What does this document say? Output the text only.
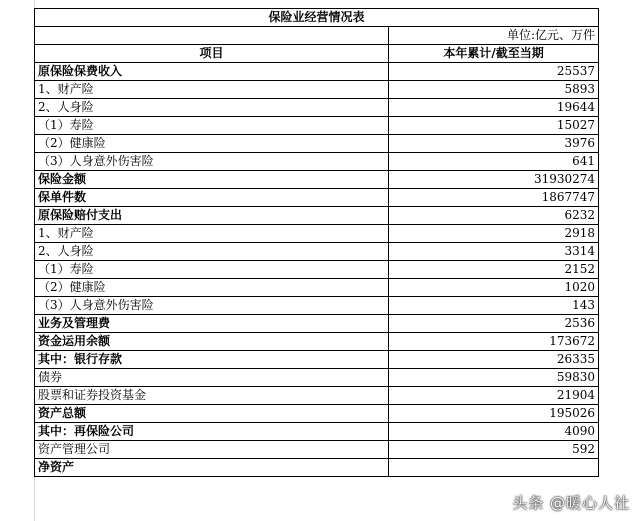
保险业经营情况表	
	单位:亿元、万件
项目	本年累计/截至当期
原保险保费收入	25537
1、财产险	5893
2、人身险	19644
（1）寿险	15027
（2）健康险	3976
（3）人身意外伤害险	641
保险金额	31930274
保单件数	1867747
原保险赔付支出	6232
1、财产险	2918
2、人身险	3314
（1）寿险	2152
（2）健康险	1020
（3）人身意外伤害险	143
业务及管理费	2536
资金运用余额	173672
其中：银行存款	26335
债券	59830
股票和证券投资基金	21904
资产总额	195026
其中：再保险公司	4090
资产管理公司	592
净资产	
头条 @暖心人社
